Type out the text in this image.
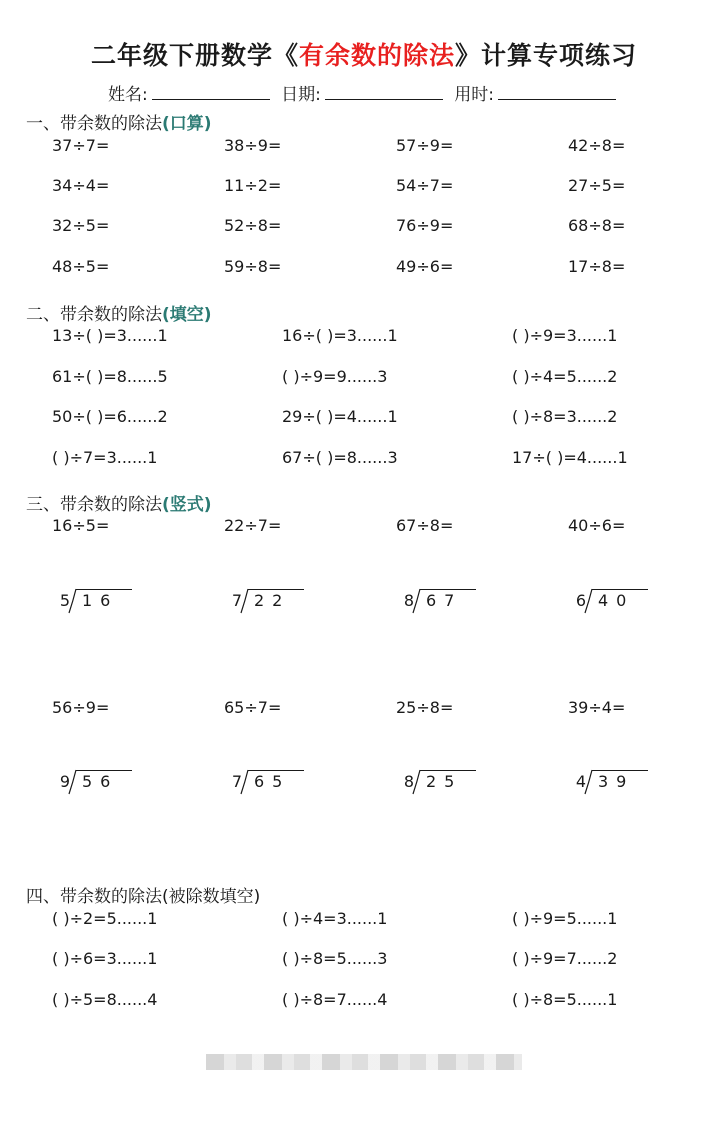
二年级下册数学《有余数的除法》计算专项练习
姓名:	日期:	用时:
一、带余数的除法(口算)
二、带余数的除法(填空)
三、带余数的除法(竖式)
四、带余数的除法(被除数填空)
37÷7=	38÷9=	57÷9=	42÷8=
34÷4=	11÷2=	54÷7=	27÷5=
32÷5=	52÷8=	76÷9=	68÷8=
48÷5=	59÷8=	49÷6=	17÷8=
13÷( )=3......1	16÷( )=3......1	( )÷9=3......1
61÷( )=8......5	( )÷9=9......3	( )÷4=5......2
50÷( )=6......2	29÷( )=4......1	( )÷8=3......2
( )÷7=3......1	67÷( )=8......3	17÷( )=4......1
16÷5=	22÷7=	67÷8=	40÷6=
5 16	7 22	8 67	6 40
56÷9=	65÷7=	25÷8=	39÷4=
9 56	7 65	8 25	4 39
( )÷2=5......1	( )÷4=3......1	( )÷9=5......1
( )÷6=3......1	( )÷8=5......3	( )÷9=7......2
( )÷5=8......4	( )÷8=7......4	( )÷8=5......1
